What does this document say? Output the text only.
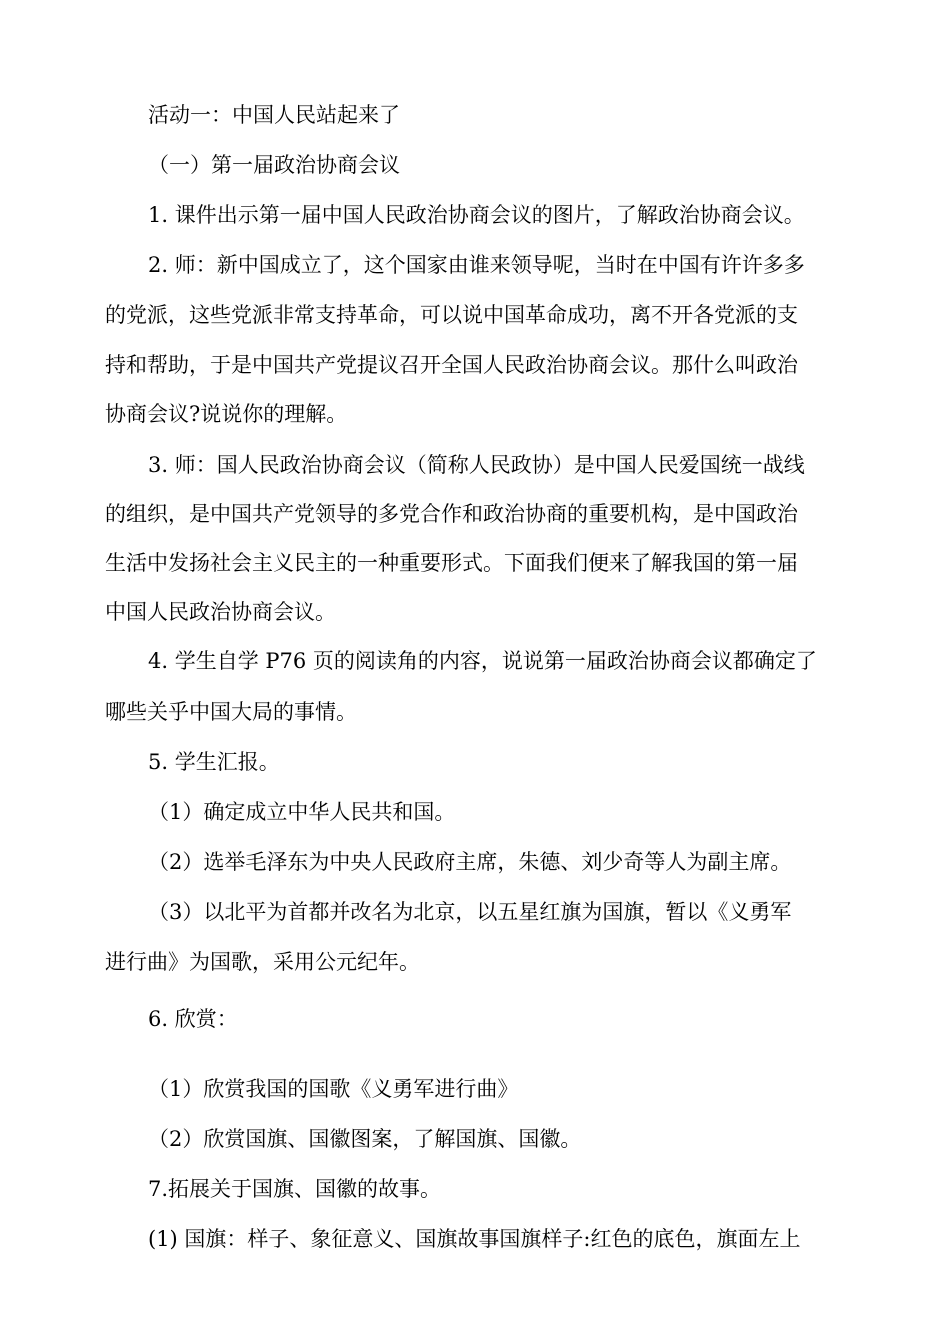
活动一：中国人民站起来了
（一）第一届政治协商会议
1. 课件出示第一届中国人民政治协商会议的图片，了解政治协商会议。
2. 师：新中国成立了，这个国家由谁来领导呢，当时在中国有许许多多
的党派，这些党派非常支持革命，可以说中国革命成功，离不开各党派的支
持和帮助，于是中国共产党提议召开全国人民政治协商会议。那什么叫政治
协商会议?说说你的理解。
3. 师：国人民政治协商会议（简称人民政协）是中国人民爱国统一战线
的组织，是中国共产党领导的多党合作和政治协商的重要机构，是中国政治
生活中发扬社会主义民主的一种重要形式。下面我们便来了解我国的第一届
中国人民政治协商会议。
4. 学生自学 P76 页的阅读角的内容，说说第一届政治协商会议都确定了
哪些关乎中国大局的事情。
5. 学生汇报。
（1）确定成立中华人民共和国。
（2）选举毛泽东为中央人民政府主席，朱德、刘少奇等人为副主席。
（3）以北平为首都并改名为北京，以五星红旗为国旗，暂以《义勇军
进行曲》为国歌，采用公元纪年。
6. 欣赏：
（1）欣赏我国的国歌《义勇军进行曲》
（2）欣赏国旗、国徽图案，了解国旗、国徽。
7.拓展关于国旗、国徽的故事。
(1) 国旗：样子、象征意义、国旗故事国旗样子:红色的底色，旗面左上
